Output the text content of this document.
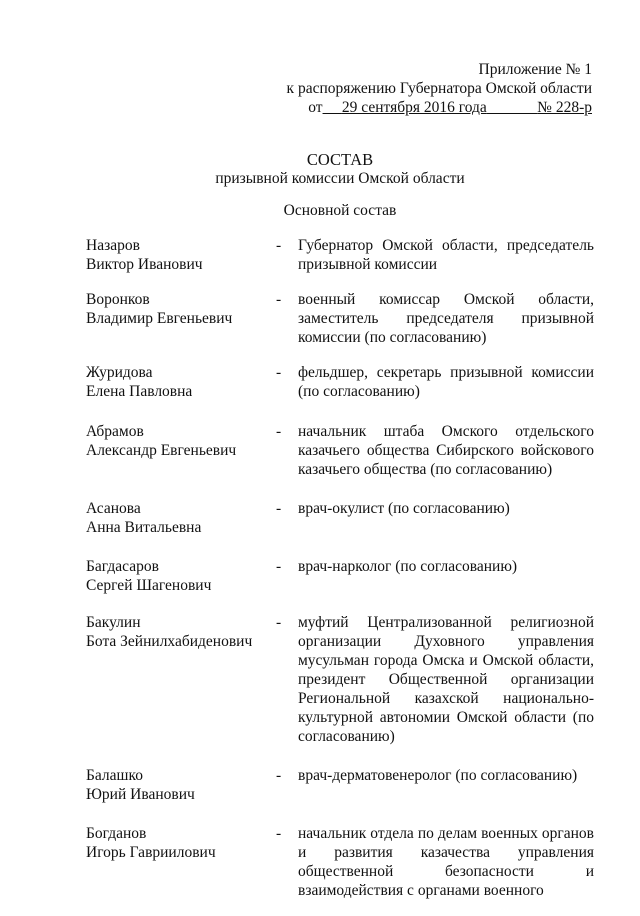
Приложение № 1
к распоряжению Губернатора Омской области
от	29 сентября 2016 года	№ 228-р
СОСТАВ
призывной комиссии Омской области
Основной состав
Назаров
Виктор Иванович
-	Губернатор Омской области, председатель призывной комиссии
Воронков
Владимир Евгеньевич
-	военный комиссар Омской области, заместитель председателя призывной комиссии (по согласованию)
Журидова
Елена Павловна
-	фельдшер, секретарь призывной комиссии (по согласованию)
Абрамов
Александр Евгеньевич
-	начальник штаба Омского отдельского казачьего общества Сибирского войскового казачьего общества (по согласованию)
Асанова
Анна Витальевна
-	врач-окулист (по согласованию)
Багдасаров
Сергей Шагенович
-	врач-нарколог (по согласованию)
Бакулин
Бота Зейнилхабиденович
-	муфтий Централизованной религиозной организации Духовного управления мусульман города Омска и Омской области, президент Общественной организации Региональной казахской национально-культурной автономии Омской области (по согласованию)
Балашко
Юрий Иванович
-	врач-дерматовенеролог (по согласованию)
Богданов
Игорь Гавриилович
-	начальник отдела по делам военных органов и развития казачества управления общественной безопасности и взаимодействия с органами военного
